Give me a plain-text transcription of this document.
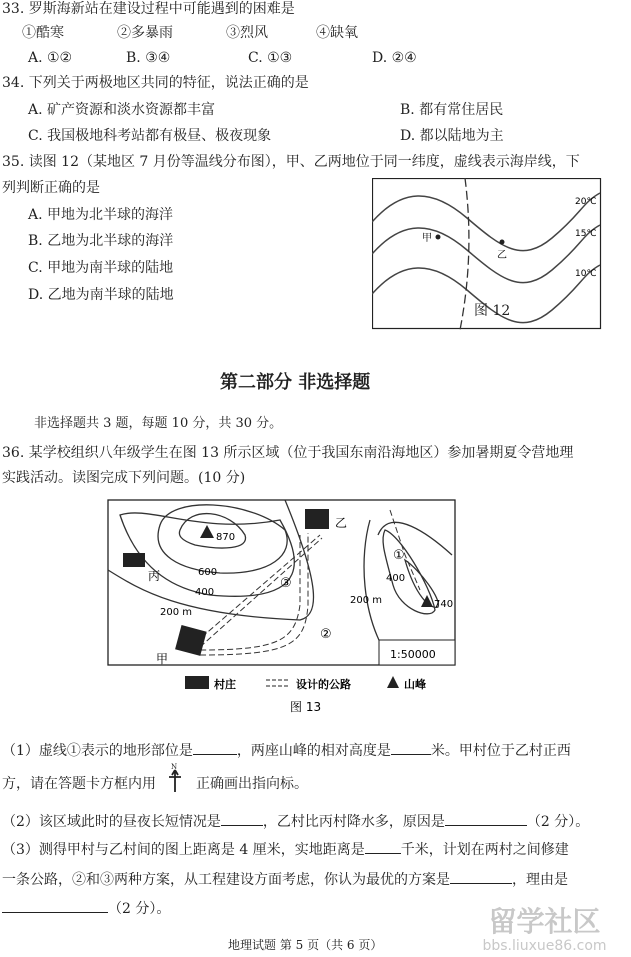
33. 罗斯海新站在建设过程中可能遇到的困难是
①酷寒	②多暴雨	③烈风	④缺氧
A. ①②	B. ③④	C. ①③	D. ②④
34. 下列关于两极地区共同的特征，说法正确的是
A. 矿产资源和淡水资源都丰富	B. 都有常住居民
C. 我国极地科考站都有极昼、极夜现象	D. 都以陆地为主
35. 读图 12（某地区 7 月份等温线分布图），甲、乙两地位于同一纬度，虚线表示海岸线，下
列判断正确的是
A. 甲地为北半球的海洋
B. 乙地为北半球的海洋
C. 甲地为南半球的陆地
D. 乙地为南半球的陆地
20℃
15℃
10℃
甲
乙
图 12
第二部分 非选择题
非选择题共 3 题，每题 10 分，共 30 分。
36. 某学校组织八年级学生在图 13 所示区域（位于我国东南沿海地区）参加暑期夏令营地理
实践活动。读图完成下列问题。(10 分)
870
740
600
400
200 m
400
200 m
乙
丙
甲
①
②
③
1:50000
村庄	设计的公路	山峰
图 13
（1）虚线①表示的地形部位是	，两座山峰的相对高度是	米。甲村位于乙村正西
方，请在答题卡方框内用
N
正确画出指向标。
（2）该区域此时的昼夜长短情况是	，乙村比丙村降水多，原因是	（2 分）。
（3）测得甲村与乙村间的图上距离是 4 厘米，实地距离是	千米，计划在两村之间修建
一条公路，②和③两种方案，从工程建设方面考虑，你认为最优的方案是	，理由是
（2 分）。	留学社区
bbs.liuxue86.com
地理试题 第 5 页（共 6 页）
